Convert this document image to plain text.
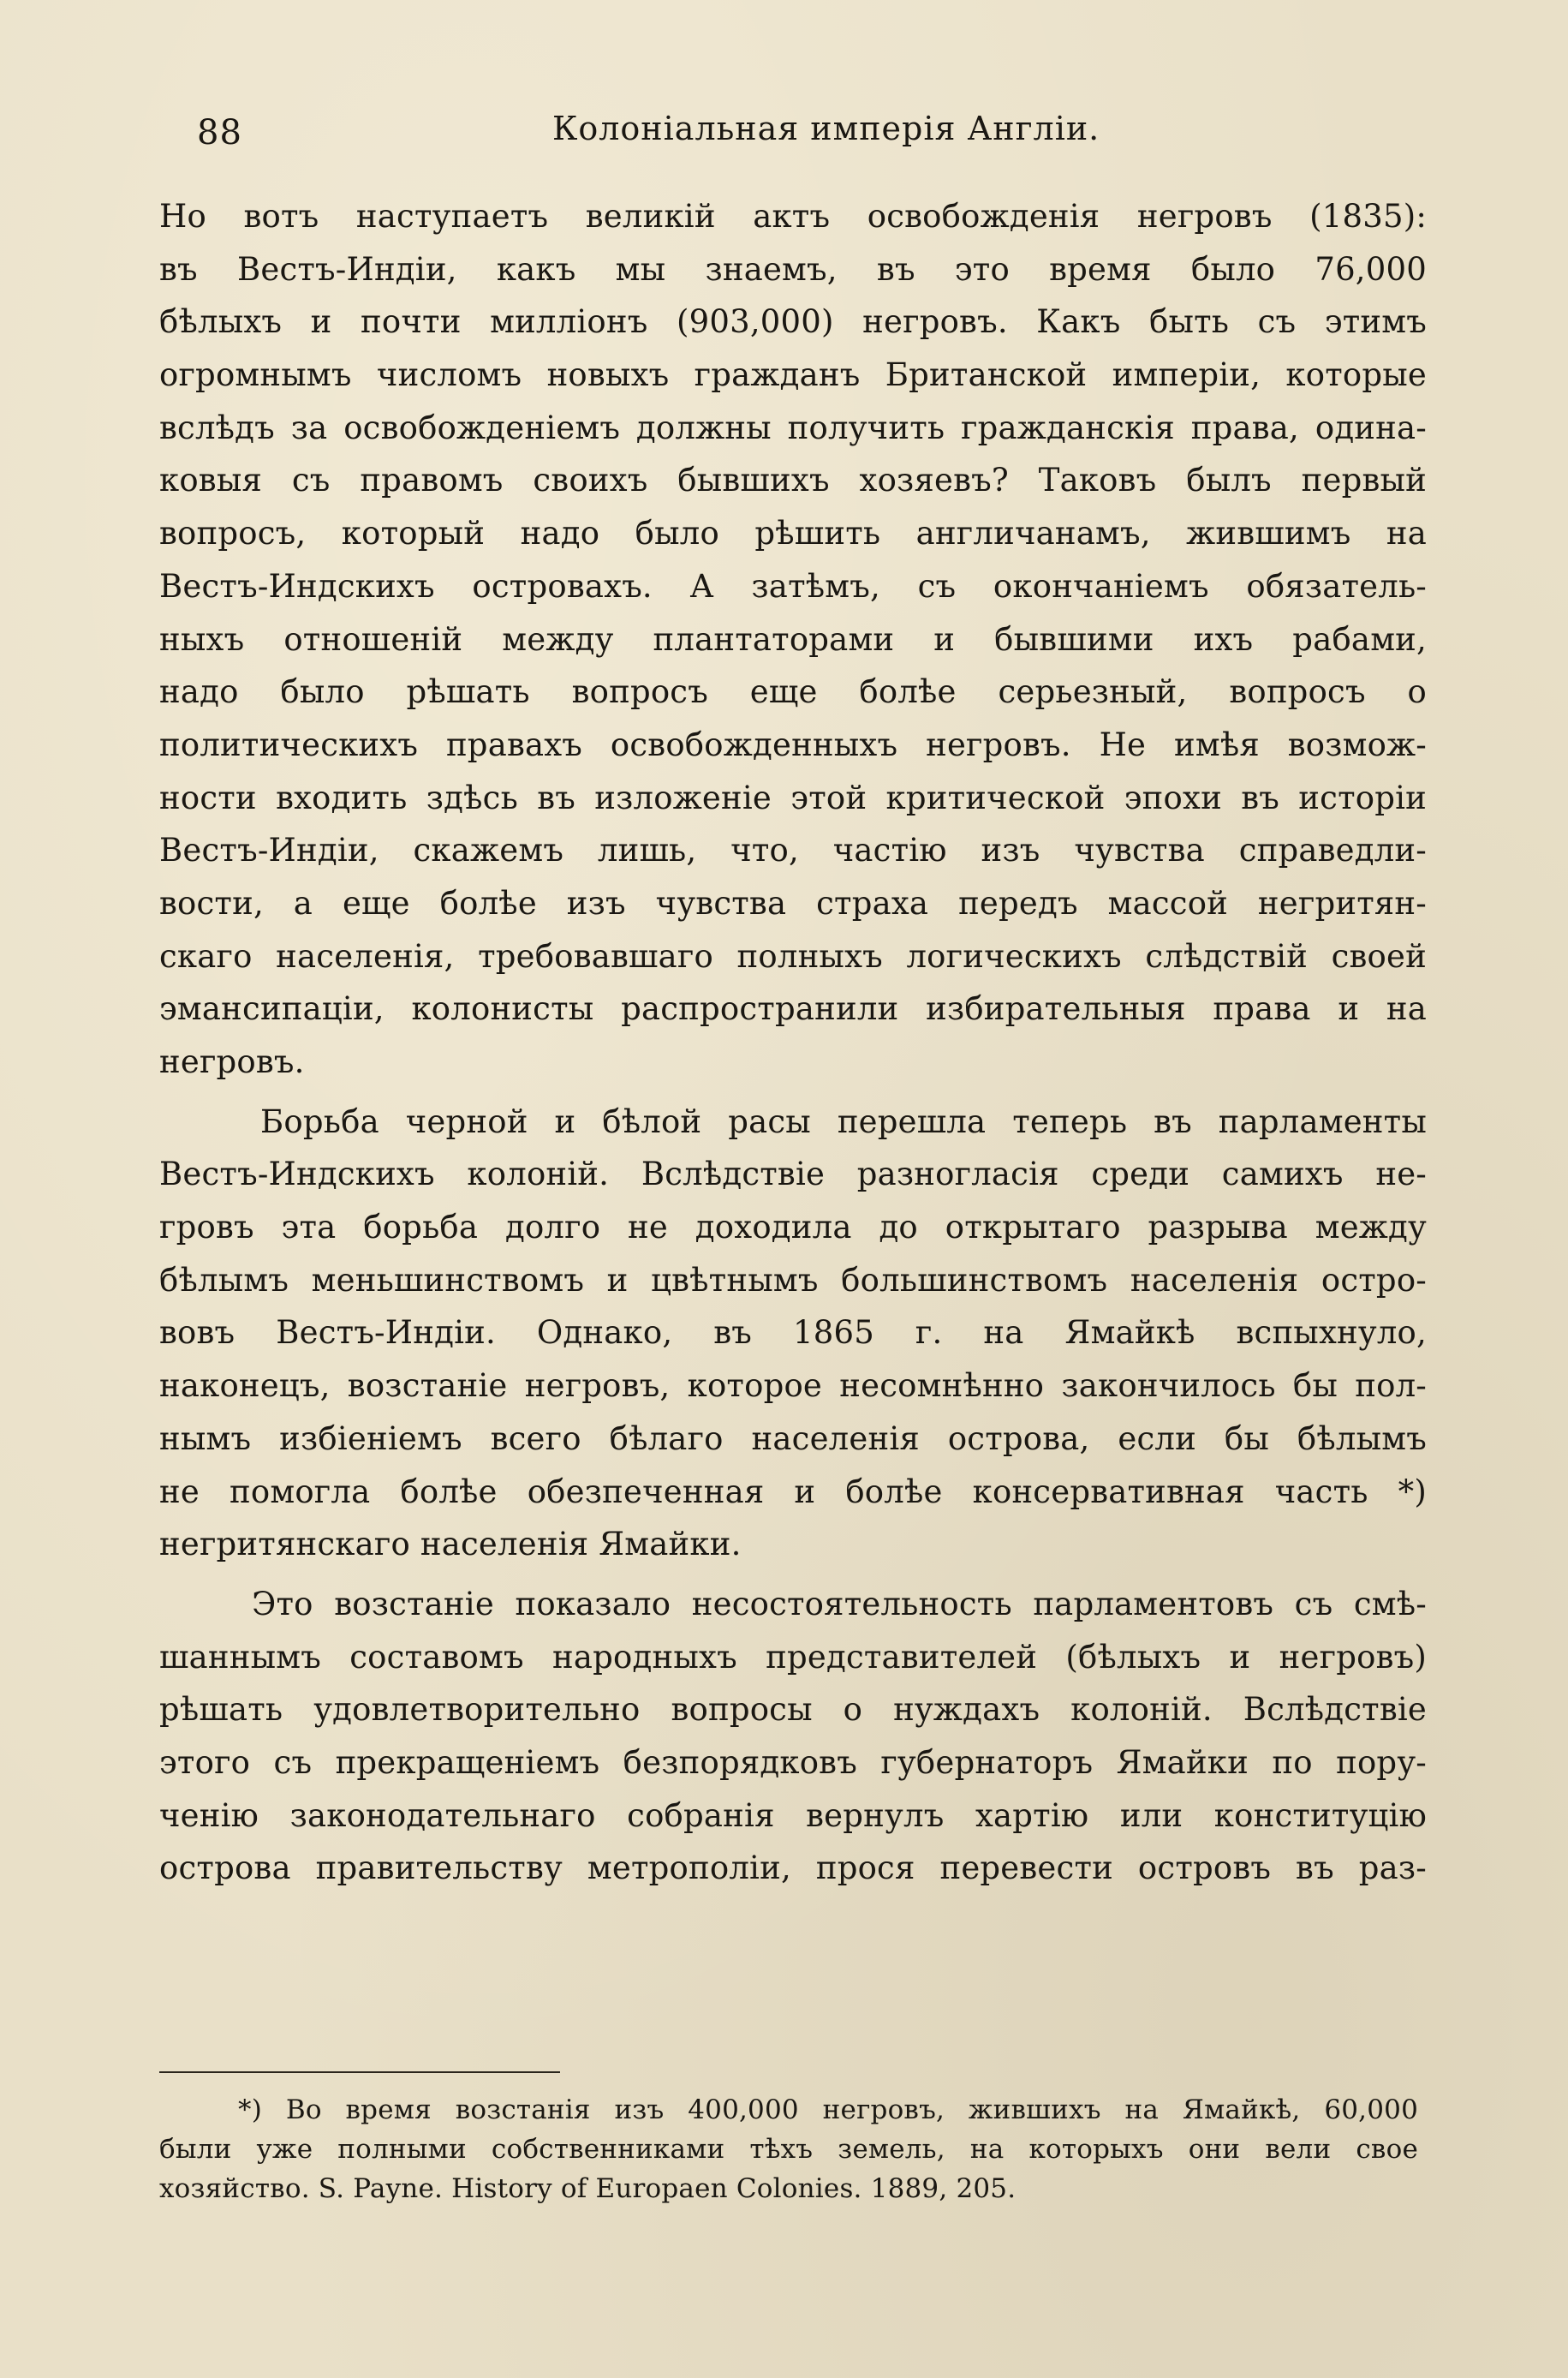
88	Колоніальная имперія Англіи.
Но вотъ наступаетъ великій актъ освобожденія негровъ (1835):
въ Вестъ-Индіи, какъ мы знаемъ, въ это время было 76,000
бѣлыхъ и почти милліонъ (903,000) негровъ. Какъ быть съ этимъ
огромнымъ числомъ новыхъ гражданъ Британской имперіи, которые
вслѣдъ за освобожденіемъ должны получить гражданскія права, одина-
ковыя съ правомъ своихъ бывшихъ хозяевъ? Таковъ былъ первый
вопросъ, который надо было рѣшить англичанамъ, жившимъ на
Вестъ-Индскихъ островахъ. А затѣмъ, съ окончаніемъ обязатель-
ныхъ отношеній между плантаторами и бывшими ихъ рабами,
надо было рѣшать вопросъ еще болѣе серьезный, вопросъ о
политическихъ правахъ освобожденныхъ негровъ. Не имѣя возмож-
ности входить здѣсь въ изложеніе этой критической эпохи въ исторіи
Вестъ-Индіи, скажемъ лишь, что, частію изъ чувства справедли-
вости, а еще болѣе изъ чувства страха передъ массой негритян-
скаго населенія, требовавшаго полныхъ логическихъ слѣдствій своей
эмансипаціи, колонисты распространили избирательныя права и на
негровъ.
Борьба черной и бѣлой расы перешла теперь въ парламенты
Вестъ-Индскихъ колоній. Вслѣдствіе разногласія среди самихъ не-
гровъ эта борьба долго не доходила до открытаго разрыва между
бѣлымъ меньшинствомъ и цвѣтнымъ большинствомъ населенія остро-
вовъ Вестъ-Индіи. Однако, въ 1865 г. на Ямайкѣ вспыхнуло,
наконецъ, возстаніе негровъ, которое несомнѣнно закончилось бы пол-
нымъ избіеніемъ всего бѣлаго населенія острова, если бы бѣлымъ
не помогла болѣе обезпеченная и болѣе консервативная часть *)
негритянскаго населенія Ямайки.
Это возстаніе показало несостоятельность парламентовъ съ смѣ-
шаннымъ составомъ народныхъ представителей (бѣлыхъ и негровъ)
рѣшать удовлетворительно вопросы о нуждахъ колоній. Вслѣдствіе
этого съ прекращеніемъ безпорядковъ губернаторъ Ямайки по пору-
ченію законодательнаго собранія вернулъ хартію или конституцію
острова правительству метрополіи, прося перевести островъ въ раз-
*) Во время возстанія изъ 400,000 негровъ, жившихъ на Ямайкѣ, 60,000
были уже полными собственниками тѣхъ земель, на которыхъ они вели свое
хозяйство. S. Payne. History of Europaen Colonies. 1889, 205.
